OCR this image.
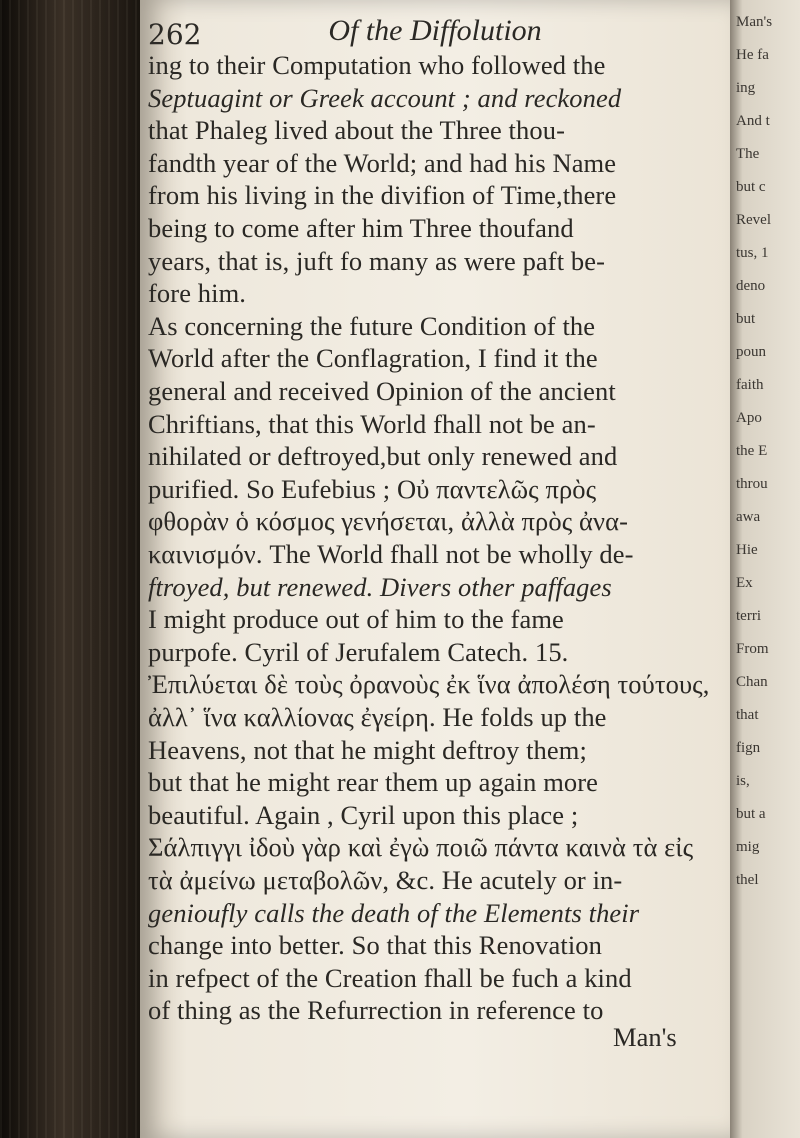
262	Of the Diffolution
ing to their Computation who followed the
Septuagint or Greek account ; and reckoned
that Phaleg lived about the Three thou-
fandth year of the World; and had his Name
from his living in the divifion of Time,there
being to come after him Three thoufand
years, that is, juft fo many as were paft be-
fore him.
As concerning the future Condition of the
World after the Conflagration, I find it the
general and received Opinion of the ancient
Chriftians, that this World fhall not be an-
nihilated or deftroyed,but only renewed and
purified. So Eufebius ; Οὐ παντελῶς πρὸς
φθορὰν ὁ κόσμος γενήσεται, ἀλλὰ πρὸς ἀνα-
καινισμόν. The World fhall not be wholly de-
ftroyed, but renewed. Divers other paffages
I might produce out of him to the fame
purpofe. Cyril of Jerufalem Catech. 15.
Ἐπιλύεται δὲ τοὺς ὀρανοὺς ἐκ ἵνα ἀπολέση τούτους,
ἀλλ᾽ ἵνα καλλίονας ἐγείρη. He folds up the
Heavens, not that he might deftroy them;
but that he might rear them up again more
beautiful. Again , Cyril upon this place ;
Σάλπιγγι ἰδοὺ γὰρ καὶ ἐγὼ ποιῶ πάντα καινὰ τὰ εἰς
τὰ ἀμείνω μεταβολῶν, &c. He acutely or in-
genioufly calls the death of the Elements their
change into better. So that this Renovation
in refpect of the Creation fhall be fuch a kind
of thing as the Refurrection in reference to
Man's
Man's
He fa
ing
And t
The
but c
Revel
tus, 1
deno
but
poun
faith
Apo
the E
throu
awa
Hie
Ex
terri
From
Chan
that
fign
is,
but a
mig
thel
